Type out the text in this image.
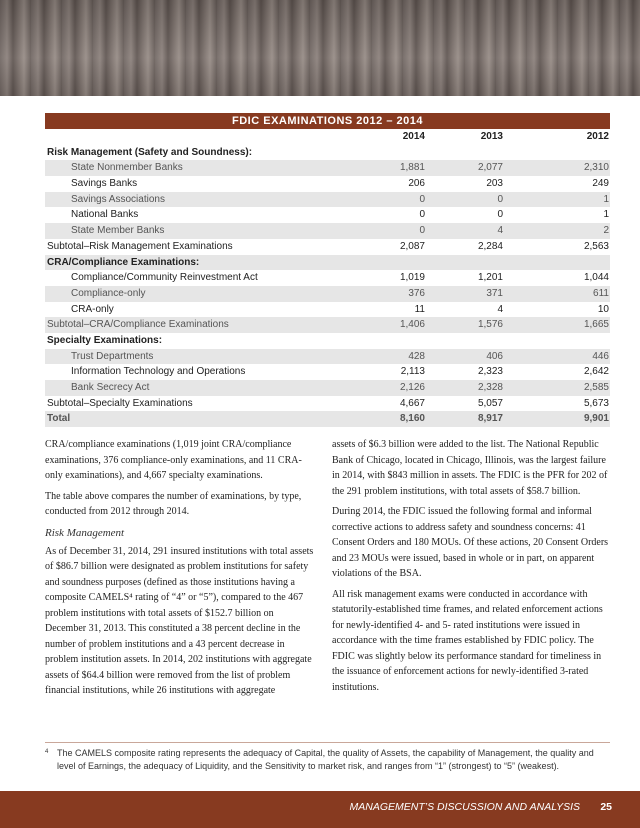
FDIC EXAMINATIONS 2012 – 2014
2014	2013	2012
Risk Management (Safety and Soundness):
State Nonmember Banks	1,881	2,077	2,310
Savings Banks	206	203	249
Savings Associations	0	0	1
National Banks	0	0	1
State Member Banks	0	4	2
Subtotal–Risk Management Examinations	2,087	2,284	2,563
CRA/Compliance Examinations:
Compliance/Community Reinvestment Act	1,019	1,201	1,044
Compliance-only	376	371	611
CRA-only	11	4	10
Subtotal–CRA/Compliance Examinations	1,406	1,576	1,665
Specialty Examinations:
Trust Departments	428	406	446
Information Technology and Operations	2,113	2,323	2,642
Bank Secrecy Act	2,126	2,328	2,585
Subtotal–Specialty Examinations	4,667	5,057	5,673
Total	8,160	8,917	9,901

CRA/compliance examinations (1,019 joint CRA/compliance examinations, 376 compliance-only examinations, and 11 CRA-only examinations), and 4,667 specialty examinations.

The table above compares the number of examinations, by type, conducted from 2012 through 2014.

Risk Management

As of December 31, 2014, 291 insured institutions with total assets of $86.7 billion were designated as problem institutions for safety and soundness purposes (defined as those institutions having a composite CAMELS⁴ rating of “4” or “5”), compared to the 467 problem institutions with total assets of $152.7 billion on December 31, 2013. This constituted a 38 percent decline in the number of problem institutions and a 43 percent decrease in problem institution assets. In 2014, 202 institutions with aggregate assets of $64.4 billion were removed from the list of problem financial institutions, while 26 institutions with aggregate

assets of $6.3 billion were added to the list. The National Republic Bank of Chicago, located in Chicago, Illinois, was the largest failure in 2014, with $843 million in assets. The FDIC is the PFR for 202 of the 291 problem institutions, with total assets of $58.7 billion.

During 2014, the FDIC issued the following formal and informal corrective actions to address safety and soundness concerns: 41 Consent Orders and 180 MOUs. Of these actions, 20 Consent Orders and 23 MOUs were issued, based in whole or in part, on apparent violations of the BSA.

All risk management exams were conducted in accordance with statutorily-established time frames, and related enforcement actions for newly-identified 4- and 5- rated institutions were issued in accordance with the time frames established by FDIC policy. The FDIC was slightly below its performance standard for timeliness in the issuance of enforcement actions for newly-identified 3-rated institutions.

4 The CAMELS composite rating represents the adequacy of Capital, the quality of Assets, the capability of Management, the quality and level of Earnings, the adequacy of Liquidity, and the Sensitivity to market risk, and ranges from “1” (strongest) to “5” (weakest).
MANAGEMENT’S DISCUSSION AND ANALYSIS 25
